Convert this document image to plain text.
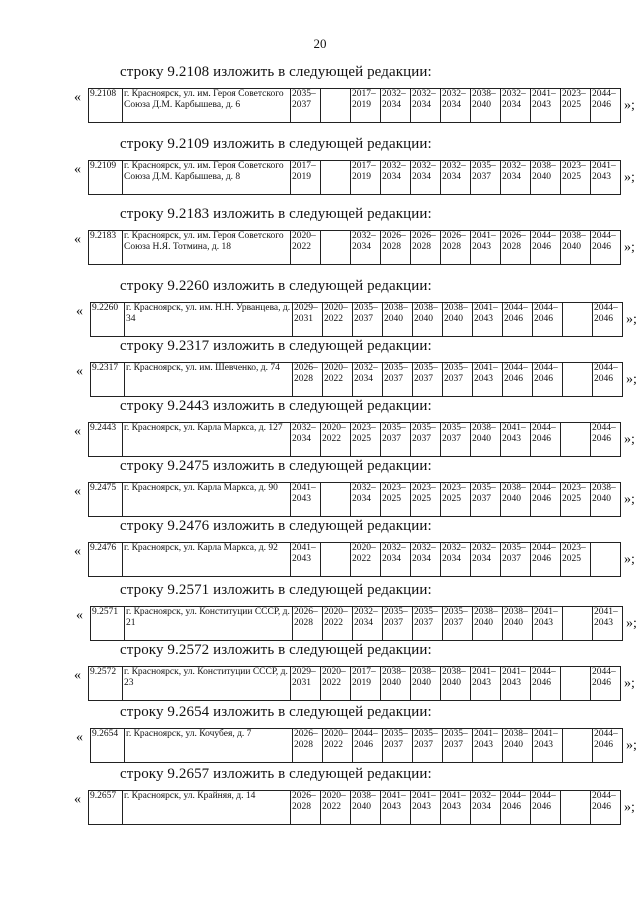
20
строку 9.2108 изложить в следующей редакции:
« 9.2108	г. Красноярск, ул. им. Героя Советского Союза Д.М. Карбышева, д. 6	2035–2037		2017–2019	2032–2034	2032–2034	2032–2034	2038–2040	2032–2034	2041–2043	2023–2025	2044–2046 »;
строку 9.2109 изложить в следующей редакции:
« 9.2109	г. Красноярск, ул. им. Героя Советского Союза Д.М. Карбышева, д. 8	2017–2019		2017–2019	2032–2034	2032–2034	2032–2034	2035–2037	2032–2034	2038–2040	2023–2025	2041–2043 »;
строку 9.2183 изложить в следующей редакции:
« 9.2183	г. Красноярск, ул. им. Героя Советского Союза Н.Я. Тотмина, д. 18	2020–2022		2032–2034	2026–2028	2026–2028	2026–2028	2041–2043	2026–2028	2044–2046	2038–2040	2044–2046 »;
строку 9.2260 изложить в следующей редакции:
« 9.2260	г. Красноярск, ул. им. Н.Н. Урванцева, д. 34	2029–2031	2020–2022	2035–2037	2038–2040	2038–2040	2038–2040	2041–2043	2044–2046	2044–2046		2044–2046 »;
строку 9.2317 изложить в следующей редакции:
« 9.2317	г. Красноярск, ул. им. Шевченко, д. 74	2026–2028	2020–2022	2032–2034	2035–2037	2035–2037	2035–2037	2041–2043	2044–2046	2044–2046		2044–2046 »;
строку 9.2443 изложить в следующей редакции:
« 9.2443	г. Красноярск, ул. Карла Маркса, д. 127	2032–2034	2020–2022	2023–2025	2035–2037	2035–2037	2035–2037	2038–2040	2041–2043	2044–2046		2044–2046 »;
строку 9.2475 изложить в следующей редакции:
« 9.2475	г. Красноярск, ул. Карла Маркса, д. 90	2041–2043		2032–2034	2023–2025	2023–2025	2023–2025	2035–2037	2038–2040	2044–2046	2023–2025	2038–2040 »;
строку 9.2476 изложить в следующей редакции:
« 9.2476	г. Красноярск, ул. Карла Маркса, д. 92	2041–2043		2020–2022	2032–2034	2032–2034	2032–2034	2032–2034	2035–2037	2044–2046	2023–2025		»;
строку 9.2571 изложить в следующей редакции:
« 9.2571	г. Красноярск, ул. Конституции СССР, д. 21	2026–2028	2020–2022	2032–2034	2035–2037	2035–2037	2035–2037	2038–2040	2038–2040	2041–2043		2041–2043 »;
строку 9.2572 изложить в следующей редакции:
« 9.2572	г. Красноярск, ул. Конституции СССР, д. 23	2029–2031	2020–2022	2017–2019	2038–2040	2038–2040	2038–2040	2041–2043	2041–2043	2044–2046		2044–2046 »;
строку 9.2654 изложить в следующей редакции:
« 9.2654	г. Красноярск, ул. Кочубея, д. 7	2026–2028	2020–2022	2044–2046	2035–2037	2035–2037	2035–2037	2041–2043	2038–2040	2041–2043		2044–2046 »;
строку 9.2657 изложить в следующей редакции:
« 9.2657	г. Красноярск, ул. Крайняя, д. 14	2026–2028	2020–2022	2038–2040	2041–2043	2041–2043	2041–2043	2032–2034	2044–2046	2044–2046		2044–2046 »;
